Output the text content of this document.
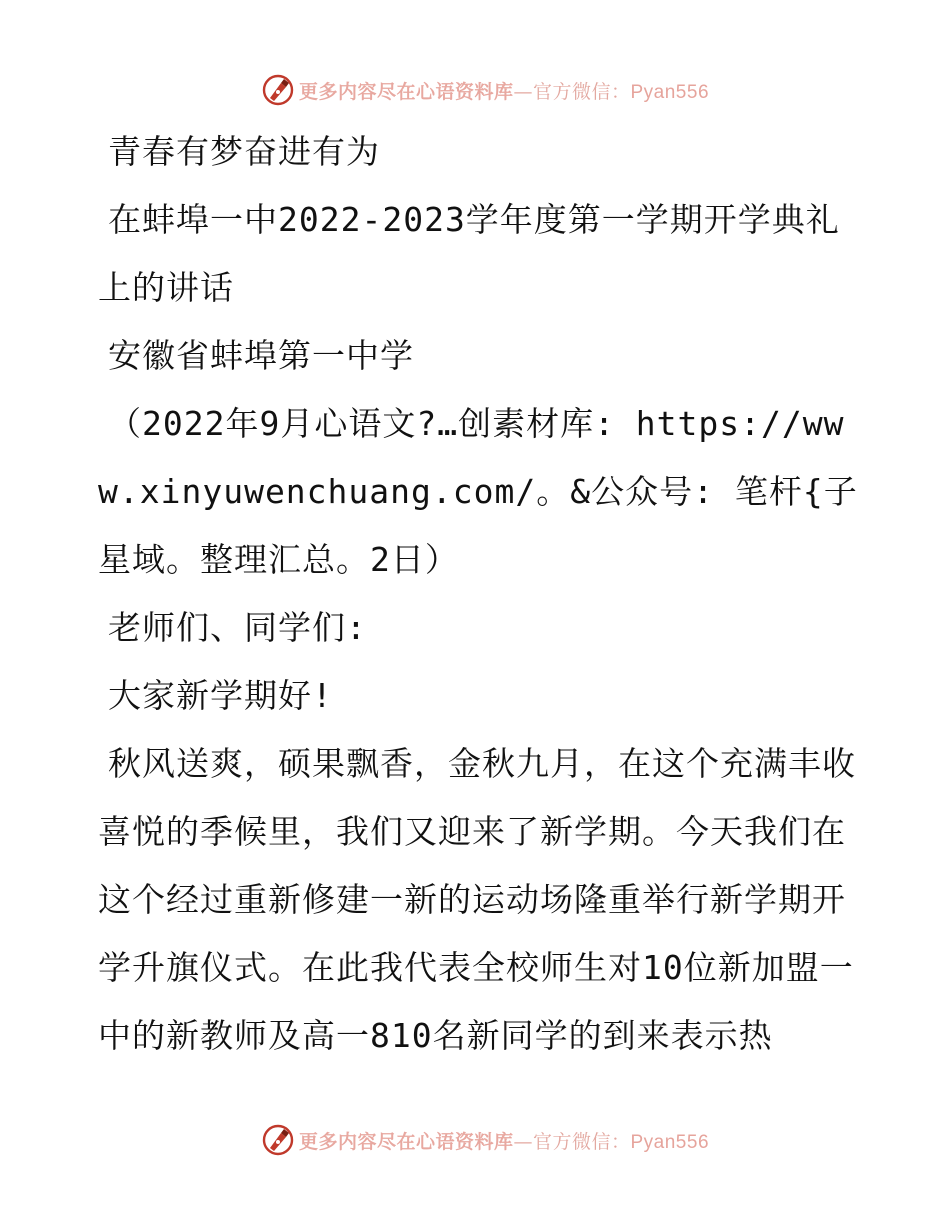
更多内容尽在心语资料库—官方微信：Pyan556

青春有梦奋进有为

在蚌埠一中2022-2023学年度第一学期开学典礼上的讲话

安徽省蚌埠第一中学

（2022年9月心语文?…创素材库: https://www.xinyuwenchuang.com/。&公众号: 笔杆{子星域。整理汇总。2日）

老师们、同学们:

大家新学期好!

秋风送爽，硕果飘香，金秋九月，在这个充满丰收喜悦的季候里，我们又迎来了新学期。今天我们在这个经过重新修建一新的运动场隆重举行新学期开学升旗仪式。在此我代表全校师生对10位新加盟一中的新教师及高一810名新同学的到来表示热

更多内容尽在心语资料库—官方微信：Pyan556
